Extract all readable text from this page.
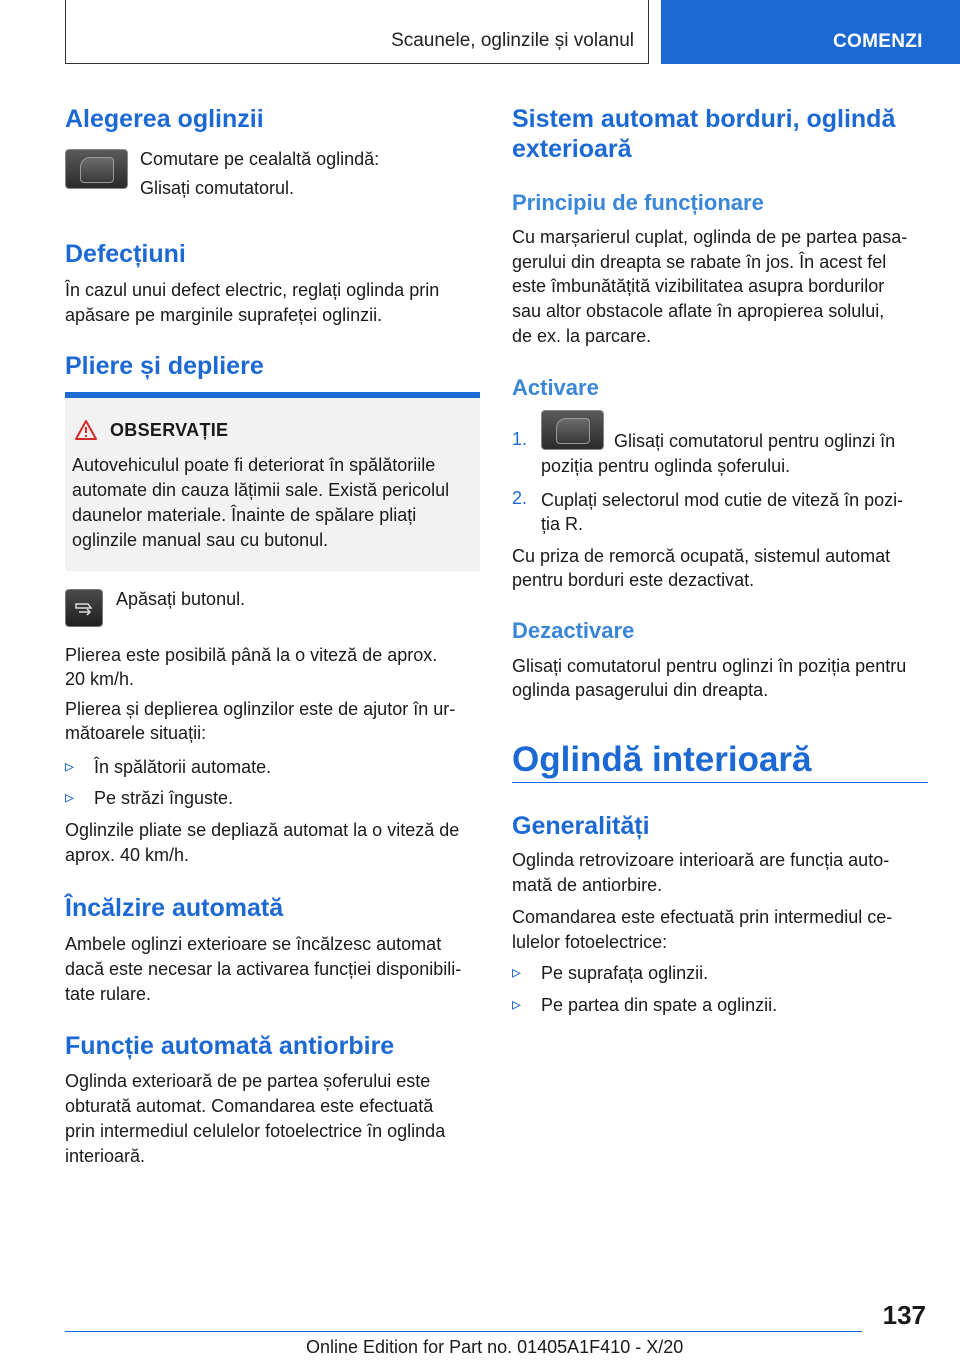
Scaunele, oglinzile și volanul	COMENZI
Alegerea oglinzii

Comutare pe cealaltă oglindă:

Glisați comutatorul.

Defecțiuni

În cazul unui defect electric, reglați oglinda prin

apăsare pe marginile suprafeței oglinzii.

Pliere și depliere
OBSERVAȚIE

Autovehiculul poate fi deteriorat în spălătoriile

automate din cauza lățimii sale. Există pericolul

daunelor materiale. Înainte de spălare pliați

oglinzile manual sau cu butonul.

Apăsați butonul.

Plierea este posibilă până la o viteză de aprox.

20 km/h.

Plierea și deplierea oglinzilor este de ajutor în ur-

mătoarele situații:

▹ În spălătorii automate.

▹ Pe străzi înguste.

Oglinzile pliate se depliază automat la o viteză de

aprox. 40 km/h.

Încălzire automată

Ambele oglinzi exterioare se încălzesc automat

dacă este necesar la activarea funcției disponibili-

tate rulare.

Funcție automată antiorbire

Oglinda exterioară de pe partea șoferului este

obturată automat. Comandarea este efectuată

prin intermediul celulelor fotoelectrice în oglinda

interioară.

Sistem automat borduri, oglindă
exterioară
Principiu de funcționare

Cu marșarierul cuplat, oglinda de pe partea pasa-

gerului din dreapta se rabate în jos. În acest fel

este îmbunătățită vizibilitatea asupra bordurilor

sau altor obstacole aflate în apropierea solului,

de ex. la parcare.

Activare
1.	Glisați comutatorul pentru oglinzi în

poziția pentru oglinda șoferului.

2. Cuplați selectorul mod cutie de viteză în pozi-

ția R.

Cu priza de remorcă ocupată, sistemul automat

pentru borduri este dezactivat.

Dezactivare

Glisați comutatorul pentru oglinzi în poziția pentru

oglinda pasagerului din dreapta.

Oglindă interioară
Generalități

Oglinda retrovizoare interioară are funcția auto-

mată de antiorbire.

Comandarea este efectuată prin intermediul ce-

lulelor fotoelectrice:

▹ Pe suprafața oglinzii.

▹ Pe partea din spate a oglinzii.

137
Online Edition for Part no. 01405A1F410 - X/20
